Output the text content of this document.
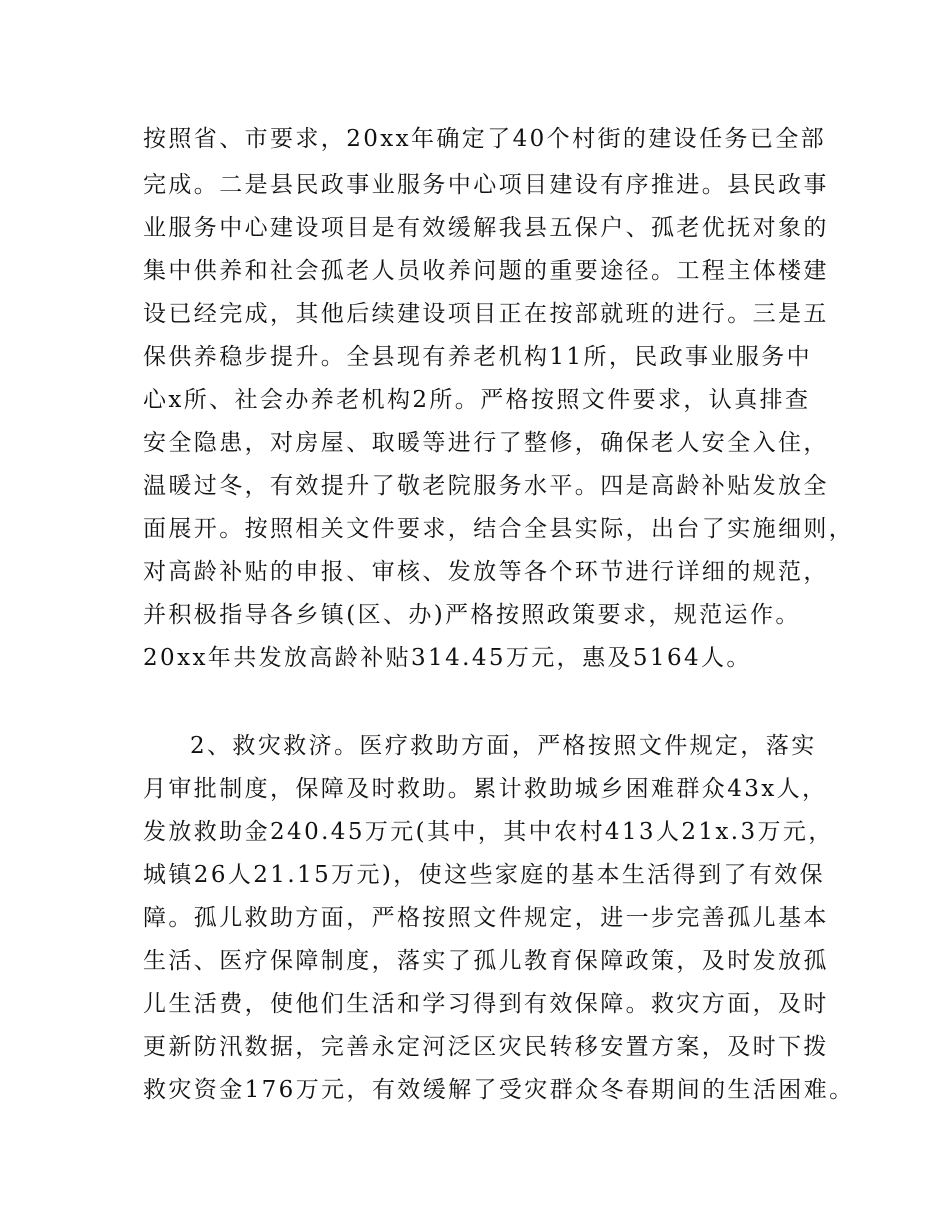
按照省、市要求，20xx年确定了40个村街的建设任务已全部
完成。二是县民政事业服务中心项目建设有序推进。县民政事
业服务中心建设项目是有效缓解我县五保户、孤老优抚对象的
集中供养和社会孤老人员收养问题的重要途径。工程主体楼建
设已经完成，其他后续建设项目正在按部就班的进行。三是五
保供养稳步提升。全县现有养老机构11所，民政事业服务中
心x所、社会办养老机构2所。严格按照文件要求，认真排查
安全隐患，对房屋、取暖等进行了整修，确保老人安全入住，
温暖过冬，有效提升了敬老院服务水平。四是高龄补贴发放全
面展开。按照相关文件要求，结合全县实际，出台了实施细则，
对高龄补贴的申报、审核、发放等各个环节进行详细的规范，
并积极指导各乡镇(区、办)严格按照政策要求，规范运作。
20xx年共发放高龄补贴314.45万元，惠及5164人。
2、救灾救济。医疗救助方面，严格按照文件规定，落实
月审批制度，保障及时救助。累计救助城乡困难群众43x人，
发放救助金240.45万元(其中，其中农村413人21x.3万元，
城镇26人21.15万元)，使这些家庭的基本生活得到了有效保
障。孤儿救助方面，严格按照文件规定，进一步完善孤儿基本
生活、医疗保障制度，落实了孤儿教育保障政策，及时发放孤
儿生活费，使他们生活和学习得到有效保障。救灾方面，及时
更新防汛数据，完善永定河泛区灾民转移安置方案，及时下拨
救灾资金176万元，有效缓解了受灾群众冬春期间的生活困难。
